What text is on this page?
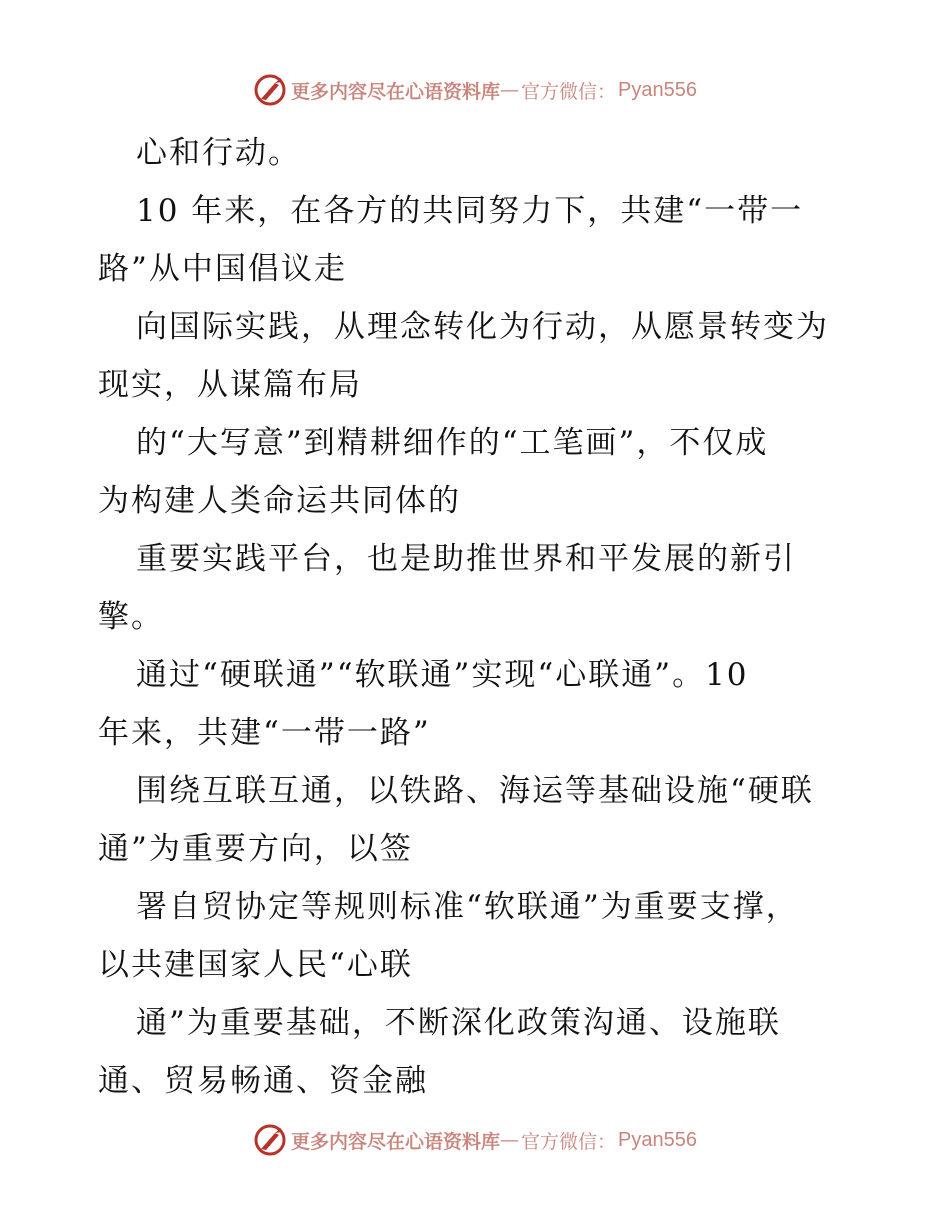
更多内容尽在心语资料库 — 官方微信： Pyan556
心和行动。
10 年来，在各方的共同努力下，共建“一带一
路”从中国倡议走
向国际实践，从理念转化为行动，从愿景转变为
现实，从谋篇布局
的“大写意”到精耕细作的“工笔画”，不仅成
为构建人类命运共同体的
重要实践平台，也是助推世界和平发展的新引
擎。
通过“硬联通”“软联通”实现“心联通”。10
年来，共建“一带一路”
围绕互联互通，以铁路、海运等基础设施“硬联
通”为重要方向，以签
署自贸协定等规则标准“软联通”为重要支撑，
以共建国家人民“心联
通”为重要基础，不断深化政策沟通、设施联
通、贸易畅通、资金融
更多内容尽在心语资料库 — 官方微信： Pyan556
